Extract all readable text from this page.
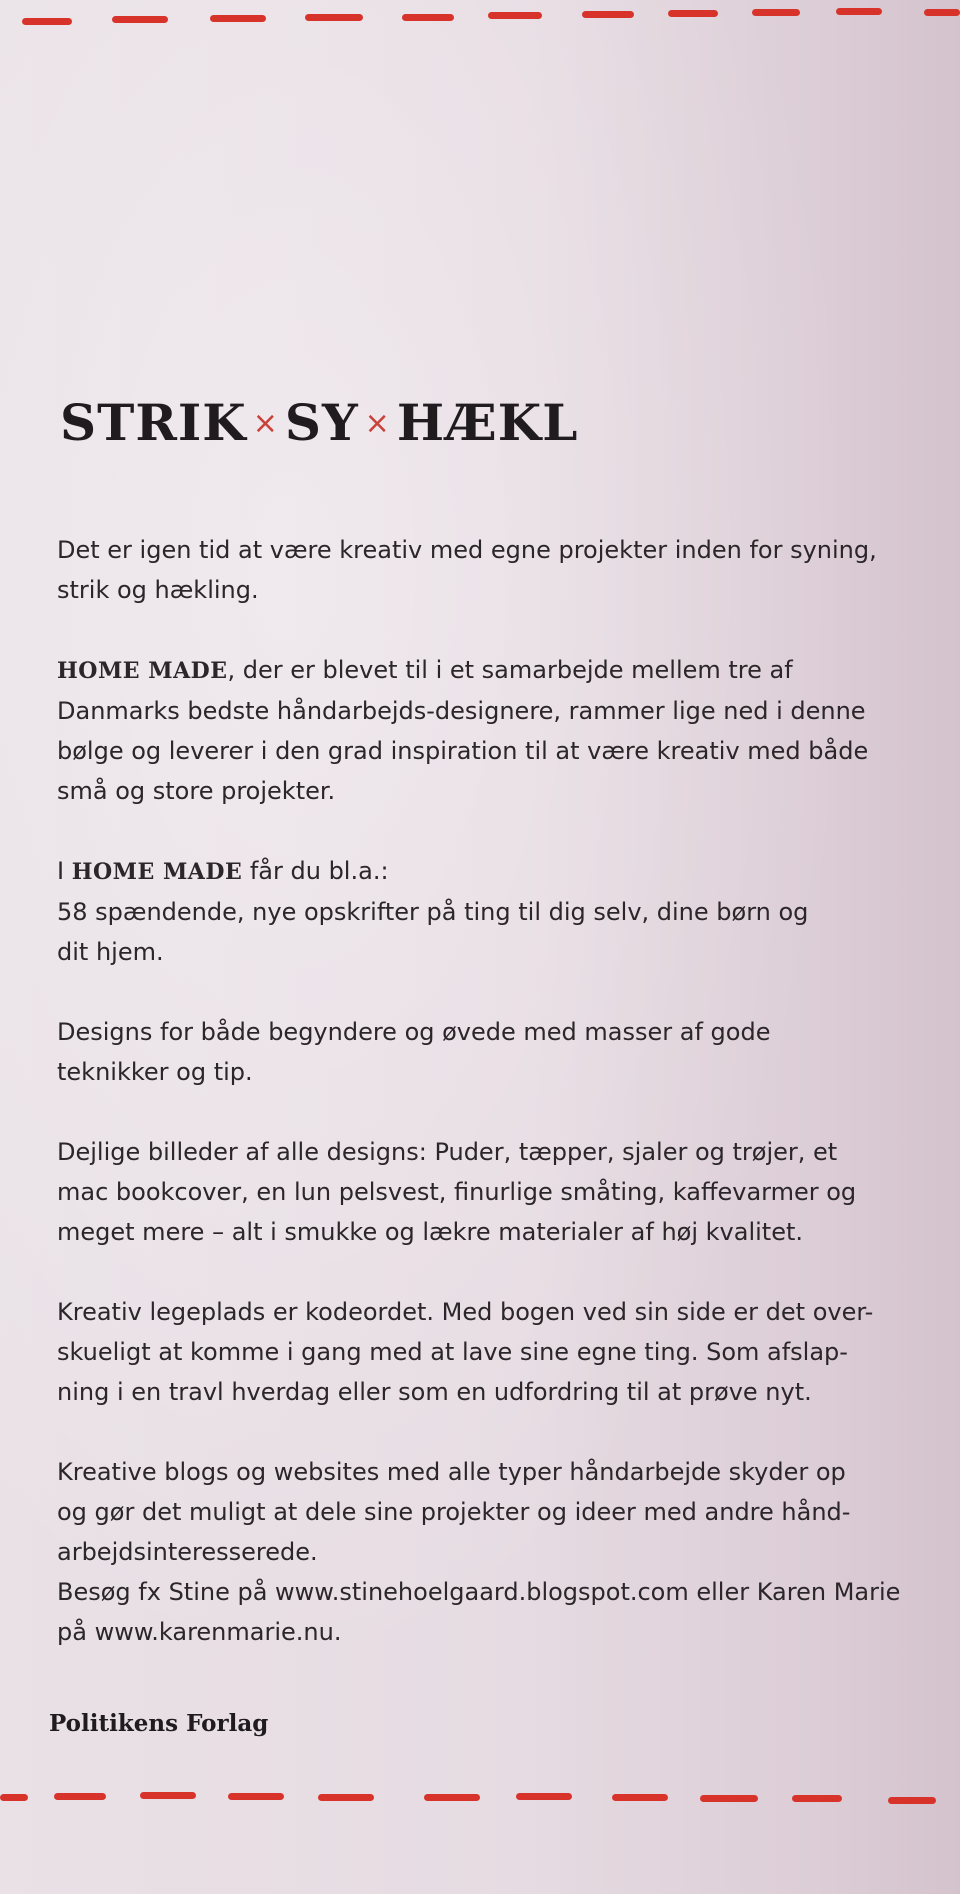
STRIK × SY × HÆKL

Det er igen tid at være kreativ med egne projekter inden for syning,
strik og hækling.

HOME MADE, der er blevet til i et samarbejde mellem tre af
Danmarks bedste håndarbejds-designere, rammer lige ned i denne
bølge og leverer i den grad inspiration til at være kreativ med både
små og store projekter.

I HOME MADE får du bl.a.:
58 spændende, nye opskrifter på ting til dig selv, dine børn og
dit hjem.

Designs for både begyndere og øvede med masser af gode
teknikker og tip.

Dejlige billeder af alle designs: Puder, tæpper, sjaler og trøjer, et
mac bookcover, en lun pelsvest, finurlige småting, kaffevarmer og
meget mere – alt i smukke og lækre materialer af høj kvalitet.

Kreativ legeplads er kodeordet. Med bogen ved sin side er det over-
skueligt at komme i gang med at lave sine egne ting. Som afslap-
ning i en travl hverdag eller som en udfordring til at prøve nyt.

Kreative blogs og websites med alle typer håndarbejde skyder op
og gør det muligt at dele sine projekter og ideer med andre hånd-
arbejdsinteresserede.
Besøg fx Stine på www.stinehoelgaard.blogspot.com eller Karen Marie
på www.karenmarie.nu.

Politikens Forlag
